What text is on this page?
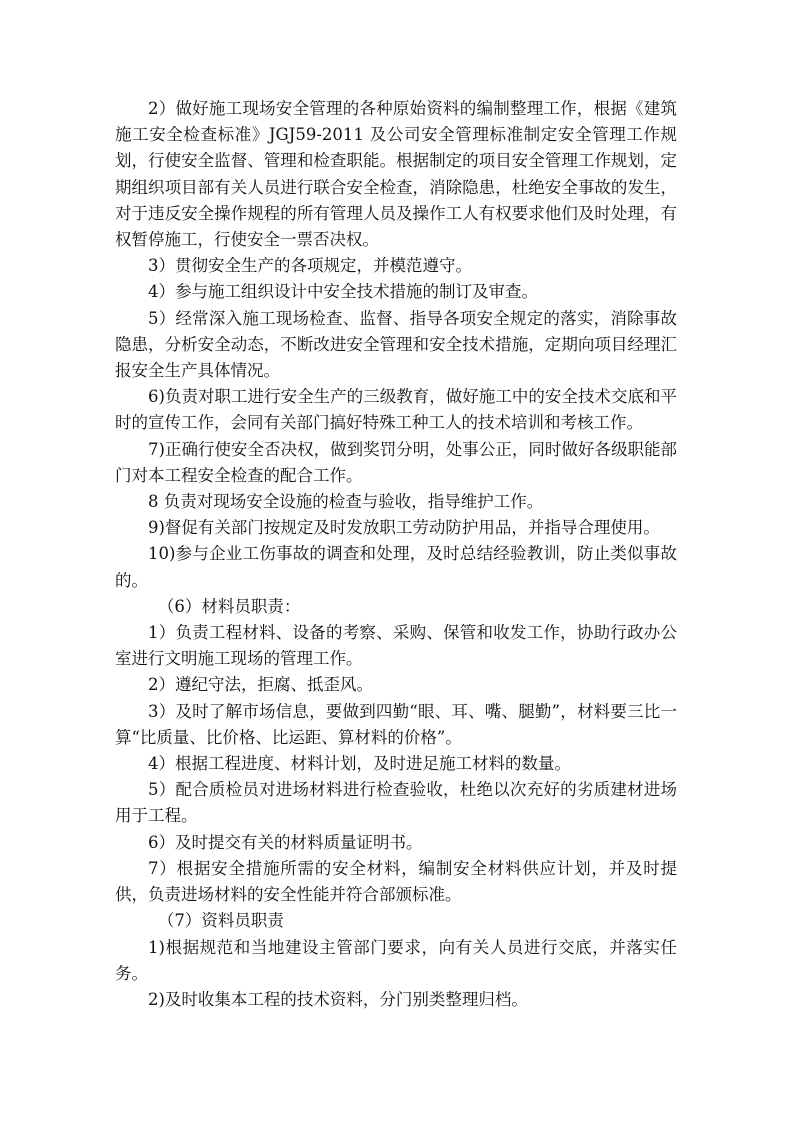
2）做好施工现场安全管理的各种原始资料的编制整理工作，根据《建筑施工安全检查标准》JGJ59-2011 及公司安全管理标准制定安全管理工作规划，行使安全监督、管理和检查职能。根据制定的项目安全管理工作规划，定期组织项目部有关人员进行联合安全检查，消除隐患，杜绝安全事故的发生，对于违反安全操作规程的所有管理人员及操作工人有权要求他们及时处理，有权暂停施工，行使安全一票否决权。

3）贯彻安全生产的各项规定，并模范遵守。

4）参与施工组织设计中安全技术措施的制订及审查。

5）经常深入施工现场检查、监督、指导各项安全规定的落实，消除事故隐患，分析安全动态，不断改进安全管理和安全技术措施，定期向项目经理汇报安全生产具体情况。

6)负责对职工进行安全生产的三级教育，做好施工中的安全技术交底和平时的宣传工作，会同有关部门搞好特殊工种工人的技术培训和考核工作。

7)正确行使安全否决权，做到奖罚分明，处事公正，同时做好各级职能部门对本工程安全检查的配合工作。

8 负责对现场安全设施的检查与验收，指导维护工作。

9)督促有关部门按规定及时发放职工劳动防护用品，并指导合理使用。

10)参与企业工伤事故的调查和处理，及时总结经验教训，防止类似事故的。

（6）材料员职责：

1）负责工程材料、设备的考察、采购、保管和收发工作，协助行政办公室进行文明施工现场的管理工作。

2）遵纪守法，拒腐、抵歪风。

3）及时了解市场信息，要做到四勤“眼、耳、嘴、腿勤”，材料要三比一算“比质量、比价格、比运距、算材料的价格”。

4）根据工程进度、材料计划，及时进足施工材料的数量。

5）配合质检员对进场材料进行检查验收，杜绝以次充好的劣质建材进场用于工程。

6）及时提交有关的材料质量证明书。

7）根据安全措施所需的安全材料，编制安全材料供应计划，并及时提供，负责进场材料的安全性能并符合部颁标准。

（7）资料员职责

1)根据规范和当地建设主管部门要求，向有关人员进行交底，并落实任务。

2)及时收集本工程的技术资料，分门别类整理归档。
